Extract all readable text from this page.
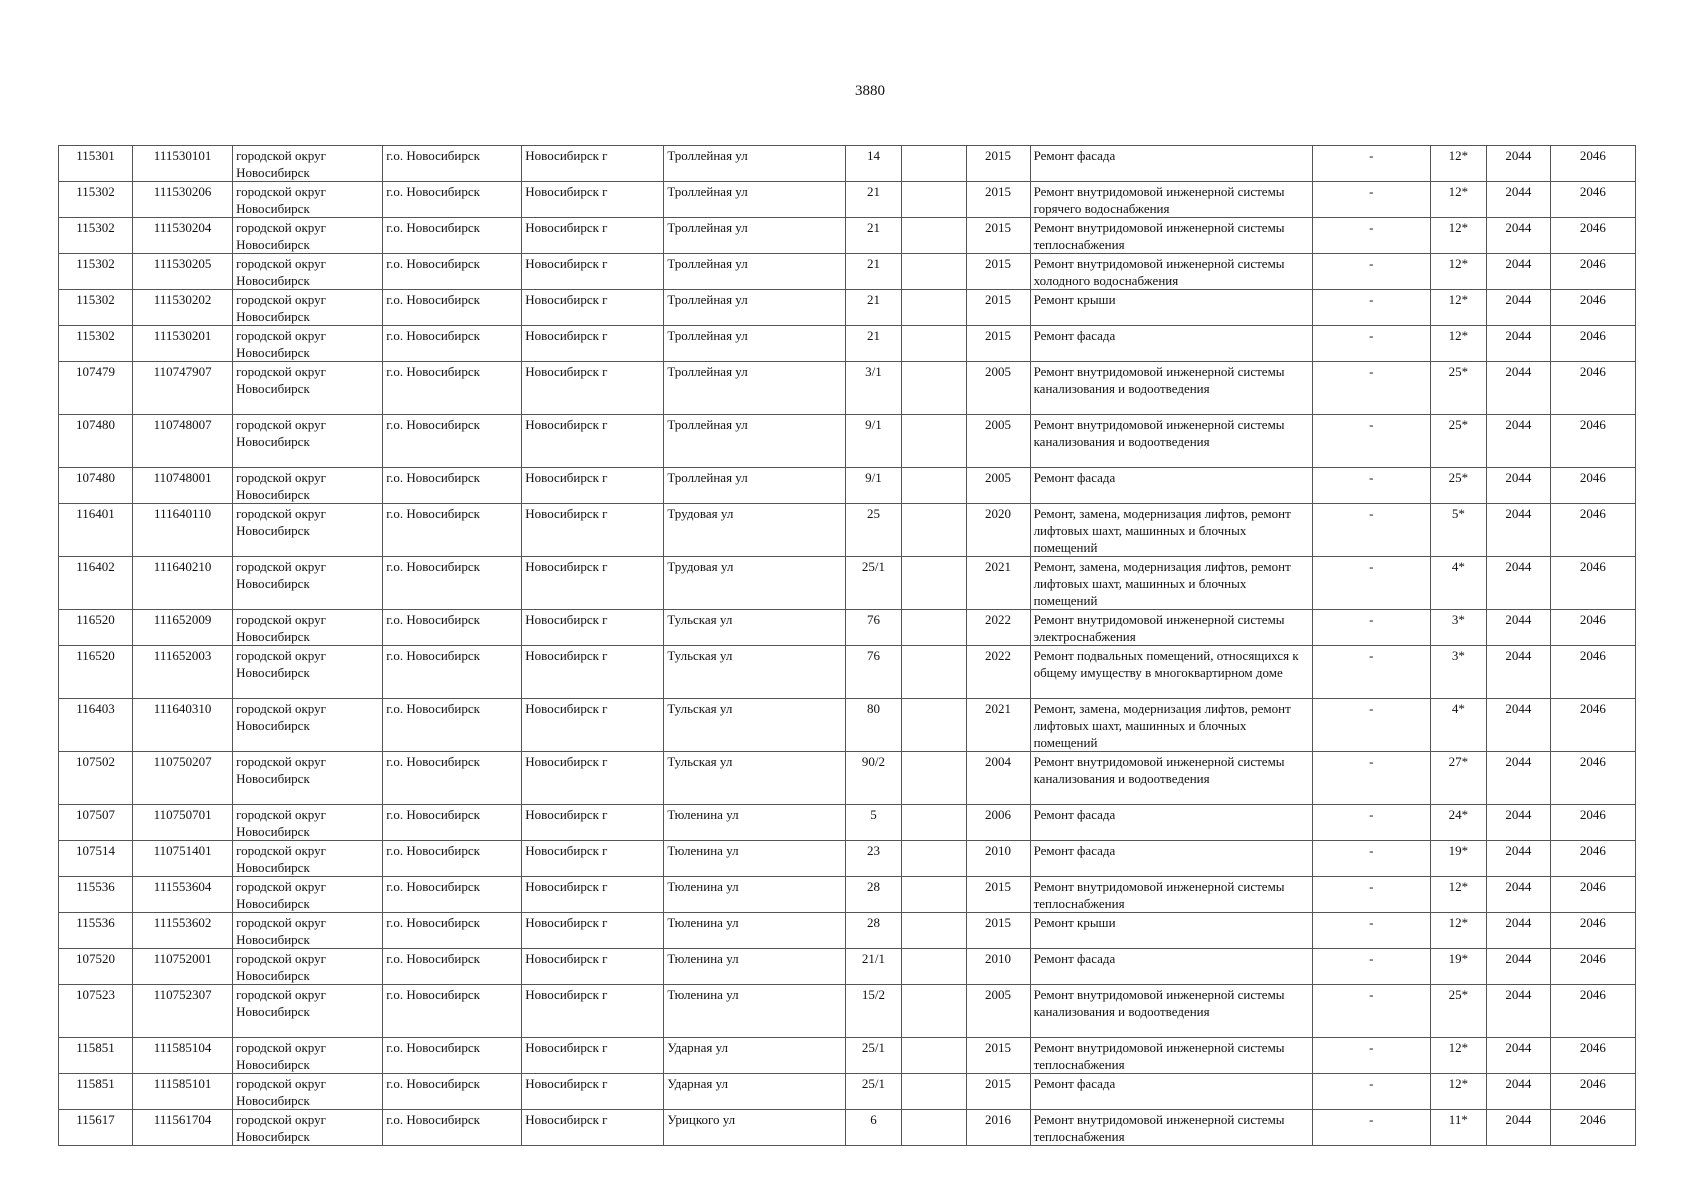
3880
115301	111530101	городской округ Новосибирск	г.о. Новосибирск	Новосибирск г	Троллейная ул	14		2015	Ремонт фасада	-	12*	2044	2046
115302	111530206	городской округ Новосибирск	г.о. Новосибирск	Новосибирск г	Троллейная ул	21		2015	Ремонт внутридомовой инженерной системы горячего водоснабжения	-	12*	2044	2046
115302	111530204	городской округ Новосибирск	г.о. Новосибирск	Новосибирск г	Троллейная ул	21		2015	Ремонт внутридомовой инженерной системы теплоснабжения	-	12*	2044	2046
115302	111530205	городской округ Новосибирск	г.о. Новосибирск	Новосибирск г	Троллейная ул	21		2015	Ремонт внутридомовой инженерной системы холодного водоснабжения	-	12*	2044	2046
115302	111530202	городской округ Новосибирск	г.о. Новосибирск	Новосибирск г	Троллейная ул	21		2015	Ремонт крыши	-	12*	2044	2046
115302	111530201	городской округ Новосибирск	г.о. Новосибирск	Новосибирск г	Троллейная ул	21		2015	Ремонт фасада	-	12*	2044	2046
107479	110747907	городской округ Новосибирск	г.о. Новосибирск	Новосибирск г	Троллейная ул	3/1		2005	Ремонт внутридомовой инженерной системы канализования и водоотведения	-	25*	2044	2046
107480	110748007	городской округ Новосибирск	г.о. Новосибирск	Новосибирск г	Троллейная ул	9/1		2005	Ремонт внутридомовой инженерной системы канализования и водоотведения	-	25*	2044	2046
107480	110748001	городской округ Новосибирск	г.о. Новосибирск	Новосибирск г	Троллейная ул	9/1		2005	Ремонт фасада	-	25*	2044	2046
116401	111640110	городской округ Новосибирск	г.о. Новосибирск	Новосибирск г	Трудовая ул	25		2020	Ремонт, замена, модернизация лифтов, ремонт лифтовых шахт, машинных и блочных помещений	-	5*	2044	2046
116402	111640210	городской округ Новосибирск	г.о. Новосибирск	Новосибирск г	Трудовая ул	25/1		2021	Ремонт, замена, модернизация лифтов, ремонт лифтовых шахт, машинных и блочных помещений	-	4*	2044	2046
116520	111652009	городской округ Новосибирск	г.о. Новосибирск	Новосибирск г	Тульская ул	76		2022	Ремонт внутридомовой инженерной системы электроснабжения	-	3*	2044	2046
116520	111652003	городской округ Новосибирск	г.о. Новосибирск	Новосибирск г	Тульская ул	76		2022	Ремонт подвальных помещений, относящихся к общему имуществу в многоквартирном доме	-	3*	2044	2046
116403	111640310	городской округ Новосибирск	г.о. Новосибирск	Новосибирск г	Тульская ул	80		2021	Ремонт, замена, модернизация лифтов, ремонт лифтовых шахт, машинных и блочных помещений	-	4*	2044	2046
107502	110750207	городской округ Новосибирск	г.о. Новосибирск	Новосибирск г	Тульская ул	90/2		2004	Ремонт внутридомовой инженерной системы канализования и водоотведения	-	27*	2044	2046
107507	110750701	городской округ Новосибирск	г.о. Новосибирск	Новосибирск г	Тюленина ул	5		2006	Ремонт фасада	-	24*	2044	2046
107514	110751401	городской округ Новосибирск	г.о. Новосибирск	Новосибирск г	Тюленина ул	23		2010	Ремонт фасада	-	19*	2044	2046
115536	111553604	городской округ Новосибирск	г.о. Новосибирск	Новосибирск г	Тюленина ул	28		2015	Ремонт внутридомовой инженерной системы теплоснабжения	-	12*	2044	2046
115536	111553602	городской округ Новосибирск	г.о. Новосибирск	Новосибирск г	Тюленина ул	28		2015	Ремонт крыши	-	12*	2044	2046
107520	110752001	городской округ Новосибирск	г.о. Новосибирск	Новосибирск г	Тюленина ул	21/1		2010	Ремонт фасада	-	19*	2044	2046
107523	110752307	городской округ Новосибирск	г.о. Новосибирск	Новосибирск г	Тюленина ул	15/2		2005	Ремонт внутридомовой инженерной системы канализования и водоотведения	-	25*	2044	2046
115851	111585104	городской округ Новосибирск	г.о. Новосибирск	Новосибирск г	Ударная ул	25/1		2015	Ремонт внутридомовой инженерной системы теплоснабжения	-	12*	2044	2046
115851	111585101	городской округ Новосибирск	г.о. Новосибирск	Новосибирск г	Ударная ул	25/1		2015	Ремонт фасада	-	12*	2044	2046
115617	111561704	городской округ Новосибирск	г.о. Новосибирск	Новосибирск г	Урицкого ул	6		2016	Ремонт внутридомовой инженерной системы теплоснабжения	-	11*	2044	2046
